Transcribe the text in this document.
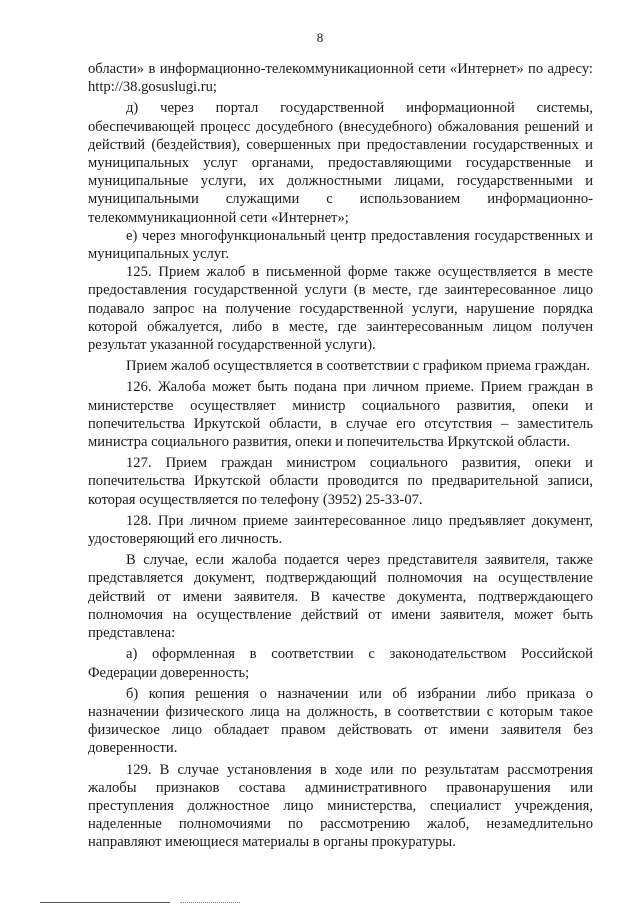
8

области» в информационно-телекоммуникационной сети «Интернет» по адресу: http://38.gosuslugi.ru;

д) через портал государственной информационной системы, обеспечивающей процесс досудебного (внесудебного) обжалования решений и действий (бездействия), совершенных при предоставлении государственных и муниципальных услуг органами, предоставляющими государственные и муниципальные услуги, их должностными лицами, государственными и муниципальными служащими с использованием информационно-телекоммуникационной сети «Интернет»;

е) через многофункциональный центр предоставления государственных и муниципальных услуг.

125. Прием жалоб в письменной форме также осуществляется в месте предоставления государственной услуги (в месте, где заинтересованное лицо подавало запрос на получение государственной услуги, нарушение порядка которой обжалуется, либо в месте, где заинтересованным лицом получен результат указанной государственной услуги).

Прием жалоб осуществляется в соответствии с графиком приема граждан.

126. Жалоба может быть подана при личном приеме. Прием граждан в министерстве осуществляет министр социального развития, опеки и попечительства Иркутской области, в случае его отсутствия – заместитель министра социального развития, опеки и попечительства Иркутской области.

127. Прием граждан министром социального развития, опеки и попечительства Иркутской области проводится по предварительной записи, которая осуществляется по телефону (3952) 25-33-07.

128. При личном приеме заинтересованное лицо предъявляет документ, удостоверяющий его личность.

В случае, если жалоба подается через представителя заявителя, также представляется документ, подтверждающий полномочия на осуществление действий от имени заявителя. В качестве документа, подтверждающего полномочия на осуществление действий от имени заявителя, может быть представлена:

а) оформленная в соответствии с законодательством Российской Федерации доверенность;

б) копия решения о назначении или об избрании либо приказа о назначении физического лица на должность, в соответствии с которым такое физическое лицо обладает правом действовать от имени заявителя без доверенности.

129. В случае установления в ходе или по результатам рассмотрения жалобы признаков состава административного правонарушения или преступления должностное лицо министерства, специалист учреждения, наделенные полномочиями по рассмотрению жалоб, незамедлительно направляют имеющиеся материалы в органы прокуратуры.
